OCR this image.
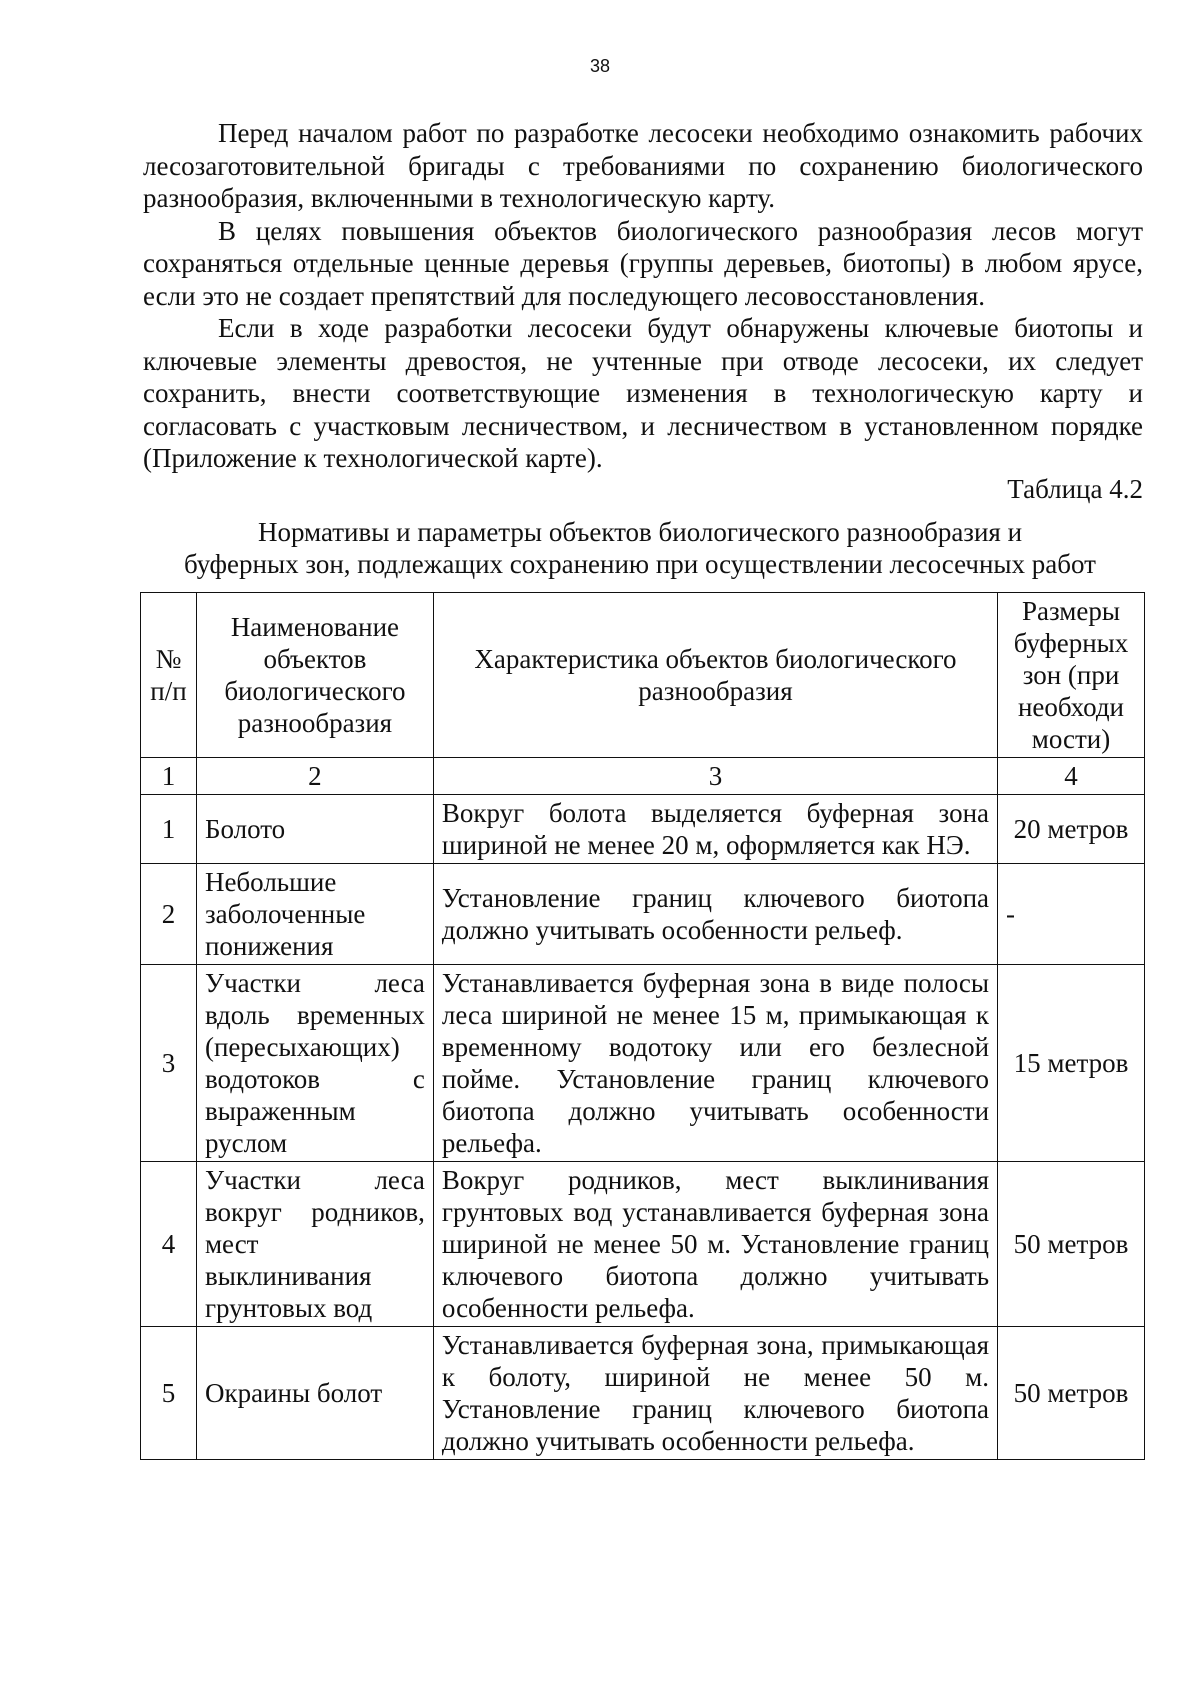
38

Перед началом работ по разработке лесосеки необходимо ознакомить рабочих лесозаготовительной бригады с требованиями по сохранению биологического разнообразия, включенными в технологическую карту.

В целях повышения объектов биологического разнообразия лесов могут сохраняться отдельные ценные деревья (группы деревьев, биотопы) в любом ярусе, если это не создает препятствий для последующего лесовосстановления.

Если в ходе разработки лесосеки будут обнаружены ключевые биотопы и ключевые элементы древостоя, не учтенные при отводе лесосеки, их следует сохранить, внести соответствующие изменения в технологическую карту и согласовать с участковым лесничеством, и лесничеством в установленном порядке (Приложение к технологической карте).

Таблица 4.2
Нормативы и параметры объектов биологического разнообразия и
буферных зон, подлежащих сохранению при осуществлении лесосечных работ
№ п/п	Наименование объектов биологического разнообразия	Характеристика объектов биологического разнообразия	Размеры буферных зон (при необходи мости)
1	2	3	4
1	Болото	Вокруг болота выделяется буферная зона шириной не менее 20 м, оформляется как НЭ.	20 метров
2	Небольшие заболоченные понижения	Установление границ ключевого биотопа должно учитывать особенности рельеф.	-
3	Участки леса вдоль временных (пересыхающих) водотоков с выраженным руслом	Устанавливается буферная зона в виде полосы леса шириной не менее 15 м, примыкающая к временному водотоку или его безлесной пойме. Установление границ ключевого биотопа должно учитывать особенности рельефа.	15 метров
4	Участки леса вокруг родников, мест выклинивания грунтовых вод	Вокруг родников, мест выклинивания грунтовых вод устанавливается буферная зона шириной не менее 50 м. Установление границ ключевого биотопа должно учитывать особенности рельефа.	50 метров
5	Окраины болот	Устанавливается буферная зона, примыкающая к болоту, шириной не менее 50 м. Установление границ ключевого биотопа должно учитывать особенности рельефа.	50 метров
